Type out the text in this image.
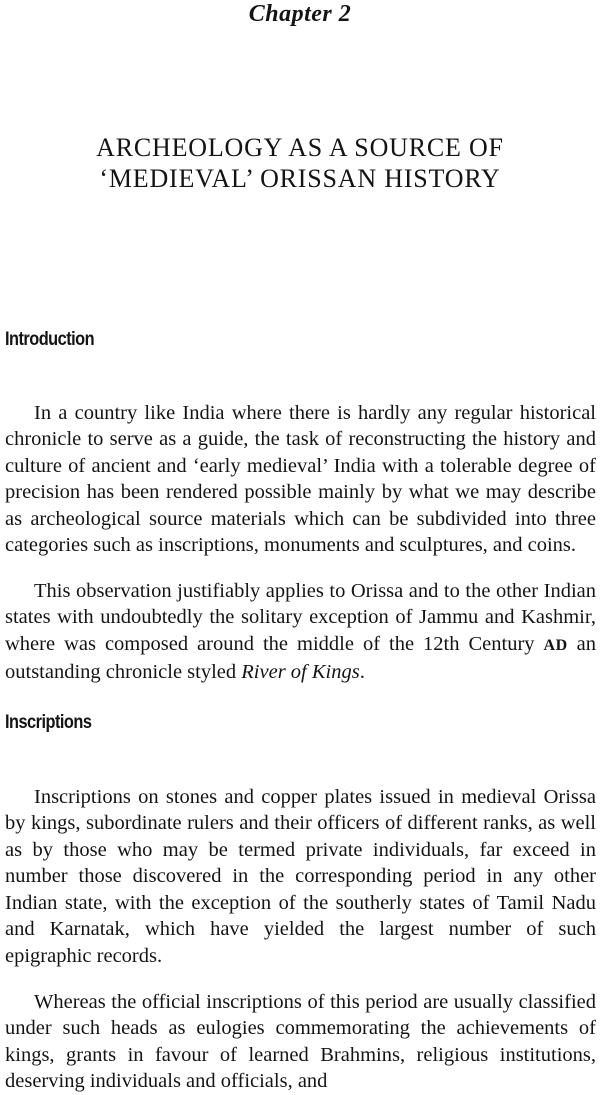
Chapter 2
ARCHEOLOGY AS A SOURCE OF
‘MEDIEVAL’ ORISSAN HISTORY
Introduction

In a country like India where there is hardly any regular historical chronicle to serve as a guide, the task of reconstructing the history and culture of ancient and ‘early medieval’ India with a tolerable degree of precision has been rendered possible mainly by what we may describe as archeological source materials which can be subdivided into three categories such as inscriptions, monuments and sculptures, and coins.

This observation justifiably applies to Orissa and to the other Indian states with undoubtedly the solitary exception of Jammu and Kashmir, where was composed around the middle of the 12th Century AD an outstanding chronicle styled River of Kings.

Inscriptions

Inscriptions on stones and copper plates issued in medieval Orissa by kings, subordinate rulers and their officers of different ranks, as well as by those who may be termed private individuals, far exceed in number those discovered in the corresponding period in any other Indian state, with the exception of the southerly states of Tamil Nadu and Karnatak, which have yielded the largest number of such epigraphic records.

Whereas the official inscriptions of this period are usually classified under such heads as eulogies commemorating the achievements of kings, grants in favour of learned Brahmins, religious institutions, deserving individuals and officials, and
